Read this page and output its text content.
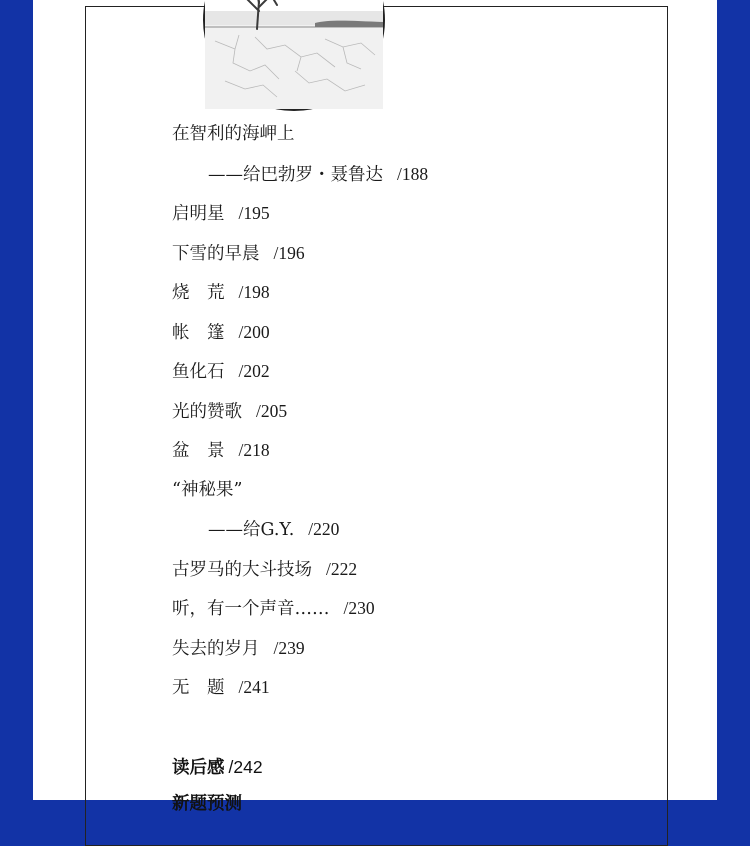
在智利的海岬上
——给巴勃罗・聂鲁达 /188
启明星 /195
下雪的早晨 /196
烧　荒 /198
帐　篷 /200
鱼化石 /202
光的赞歌 /205
盆　景 /218
“神秘果”
——给G.Y. /220
古罗马的大斗技场 /222
听，有一个声音…… /230
失去的岁月 /239
无　题 /241
读后感 /242
新题预测
